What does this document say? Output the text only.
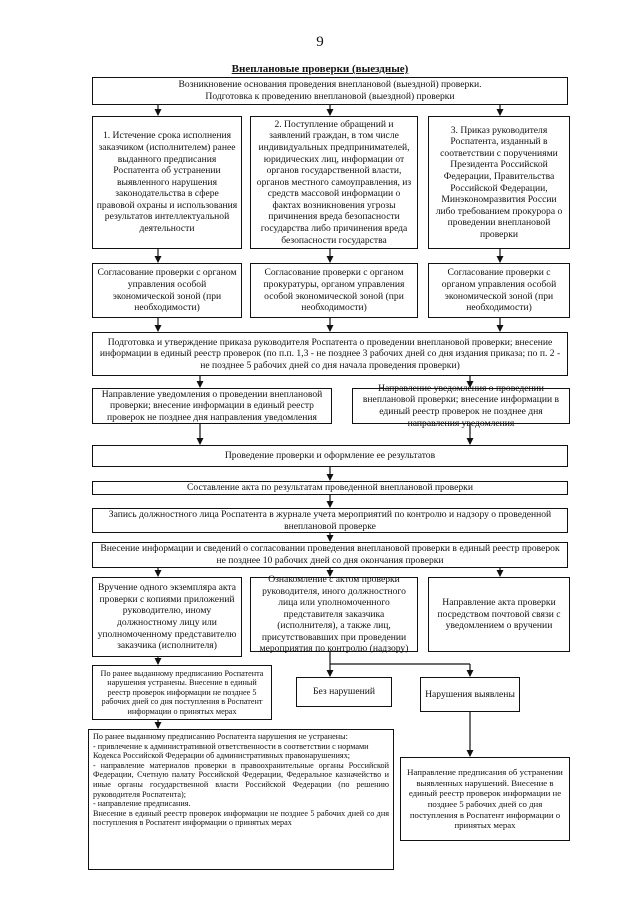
9
Внеплановые проверки (выездные)
Возникновение основания проведения внеплановой (выездной) проверки.
Подготовка к проведению внеплановой (выездной) проверки
1. Истечение срока исполнения заказчиком (исполнителем) ранее выданного предписания Роспатента об устранении выявленного нарушения законодательства в сфере правовой охраны и использования результатов интеллектуальной деятельности
2. Поступление обращений и заявлений граждан, в том числе индивидуальных предпринимателей, юридических лиц, информации от органов государственной власти, органов местного самоуправления, из средств массовой информации о фактах возникновения угрозы причинения вреда безопасности государства либо причинения вреда безопасности государства
3. Приказ руководителя Роспатента, изданный в соответствии с поручениями Президента Российской Федерации, Правительства Российской Федерации, Минэкономразвития России либо требованием прокурора о проведении внеплановой проверки
Согласование проверки с органом управления особой экономической зоной (при необходимости)
Согласование проверки с органом прокуратуры, органом управления особой экономической зоной (при необходимости)
Согласование проверки с органом управления особой экономической зоной (при необходимости)
Подготовка и утверждение приказа руководителя Роспатента о проведении внеплановой проверки; внесение информации в единый реестр проверок (по п.п. 1,3 - не позднее 3 рабочих дней со дня издания приказа; по п. 2 - не позднее 5 рабочих дней со дня начала проведения проверки)
Направление уведомления о проведении внеплановой проверки; внесение информации в единый реестр проверок не позднее дня направления уведомления
Направление уведомления о проведении внеплановой проверки; внесение информации в единый реестр проверок не позднее дня направления уведомления
Проведение проверки и оформление ее результатов
Составление акта по результатам проведенной внеплановой проверки
Запись должностного лица Роспатента в журнале учета мероприятий по контролю и надзору о проведенной внеплановой проверке
Внесение информации и сведений о согласовании проведения внеплановой проверки в единый реестр проверок не позднее 10 рабочих дней со дня окончания проверки
Вручение одного экземпляра акта проверки с копиями приложений руководителю, иному должностному лицу или уполномоченному представителю заказчика (исполнителя)
Ознакомление с актом проверки руководителя, иного должностного лица или уполномоченного представителя заказчика (исполнителя), а также лиц, присутствовавших при проведении мероприятия по контролю (надзору)
Направление акта проверки посредством почтовой связи с уведомлением о вручении
По ранее выданному предписанию Роспатента нарушения устранены. Внесение в единый реестр проверок информации не позднее 5 рабочих дней со дня поступления в Роспатент информации о принятых мерах
Без нарушений	Нарушения выявлены
По ранее выданному предписанию Роспатента нарушения не устранены:
- привлечение к административной ответственности в соответствии с нормами Кодекса Российской Федерации об административных правонарушениях;
- направление материалов проверки в правоохранительные органы Российской Федерации, Счетную палату Российской Федерации, Федеральное казначейство и иные органы государственной власти Российской Федерации (по решению руководителя Роспатента);
- направление предписания.
Внесение в единый реестр проверок информации не позднее 5 рабочих дней со дня поступления в Роспатент информации о принятых мерах
Направление предписания об устранении выявленных нарушений. Внесение в единый реестр проверок информации не позднее 5 рабочих дней со дня поступления в Роспатент информации о принятых мерах
